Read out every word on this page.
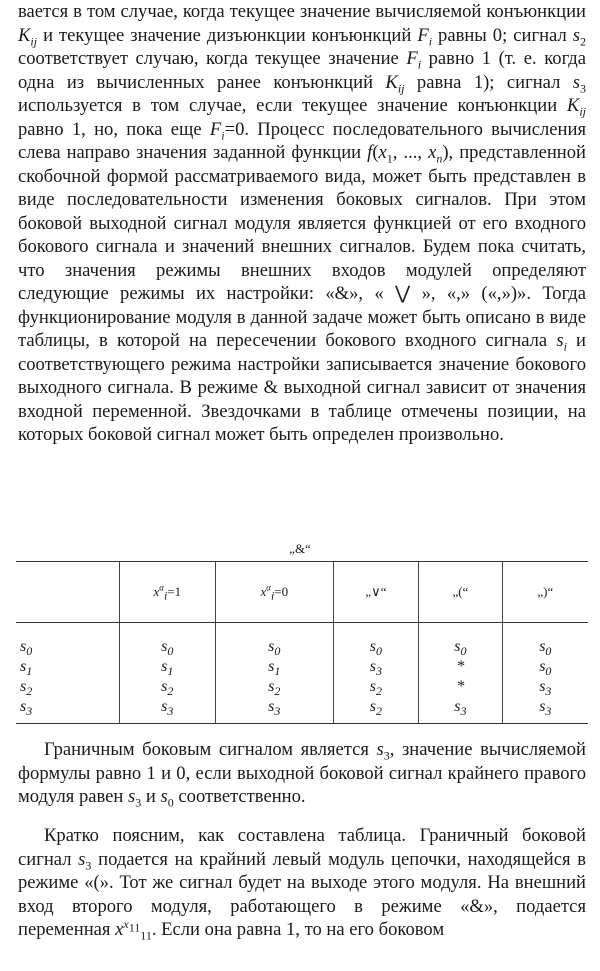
вается в том случае, когда текущее значение вычисляемой конъюнкции $K_{ij}$ и текущее значение дизъюнкции конъюнкций $F_i$ равны 0; сигнал $s_2$ соответствует случаю, когда текущее значение $F_i$ равно 1 (т. е. когда одна из вычисленных ранее конъюнкций $K_{ij}$ равна 1); сигнал $s_3$ используется в том случае, если текущее значение конъюнкции $K_{ij}$ равно 1, но, пока еще $F_i=0$. Процесс последовательного вычисления слева направо значения заданной функции $f(x_1$, ..., $x_n$), представленной скобочной формой рассматриваемого вида, может быть представлен в виде последовательности изменения боковых сигналов. При этом боковой выходной сигнал модуля является функцией от его входного бокового сигнала и значений внешних сигналов. Будем пока считать, что значения режимы внешних входов модулей определяют следующие режимы их настройки: «&», « ⋁ », «,» («,»)». Тогда функционирование модуля в данной задаче может быть описано в виде таблицы, в которой на пересечении бокового входного сигнала $s_i$ и соответствующего режима настройки записывается значение бокового выходного сигнала. В режиме & выходной сигнал зависит от значения входной переменной. Звездочками в таблице отмечены позиции, на которых боковой сигнал может быть определен произвольно.

„&“
	$x^\alpha_i=1$	$x^\alpha_i=0$	„∨“	„(“	„)“
$s_0$	$s_0$	$s_0$	$s_0$	$s_0$	$s_0$
$s_1$	$s_1$	$s_1$	$s_3$	*	$s_0$
$s_2$	$s_2$	$s_2$	$s_2$	*	$s_3$
$s_3$	$s_3$	$s_3$	$s_2$	$s_3$	$s_3$

Граничным боковым сигналом является $s_3$, значение вычисляемой формулы равно 1 и 0, если выходной боковой сигнал крайнего правого модуля равен $s_3$ и $s_0$ соответственно.

Кратко поясним, как составлена таблица. Граничный боковой сигнал $s_3$ подается на крайний левый модуль цепочки, находящейся в режиме «(». Тот же сигнал будет на выходе этого модуля. На внешний вход второго модуля, работающего в режиме «&», подается переменная $x^{x_{11}}_{11}$. Если она равна 1, то на его боковом
